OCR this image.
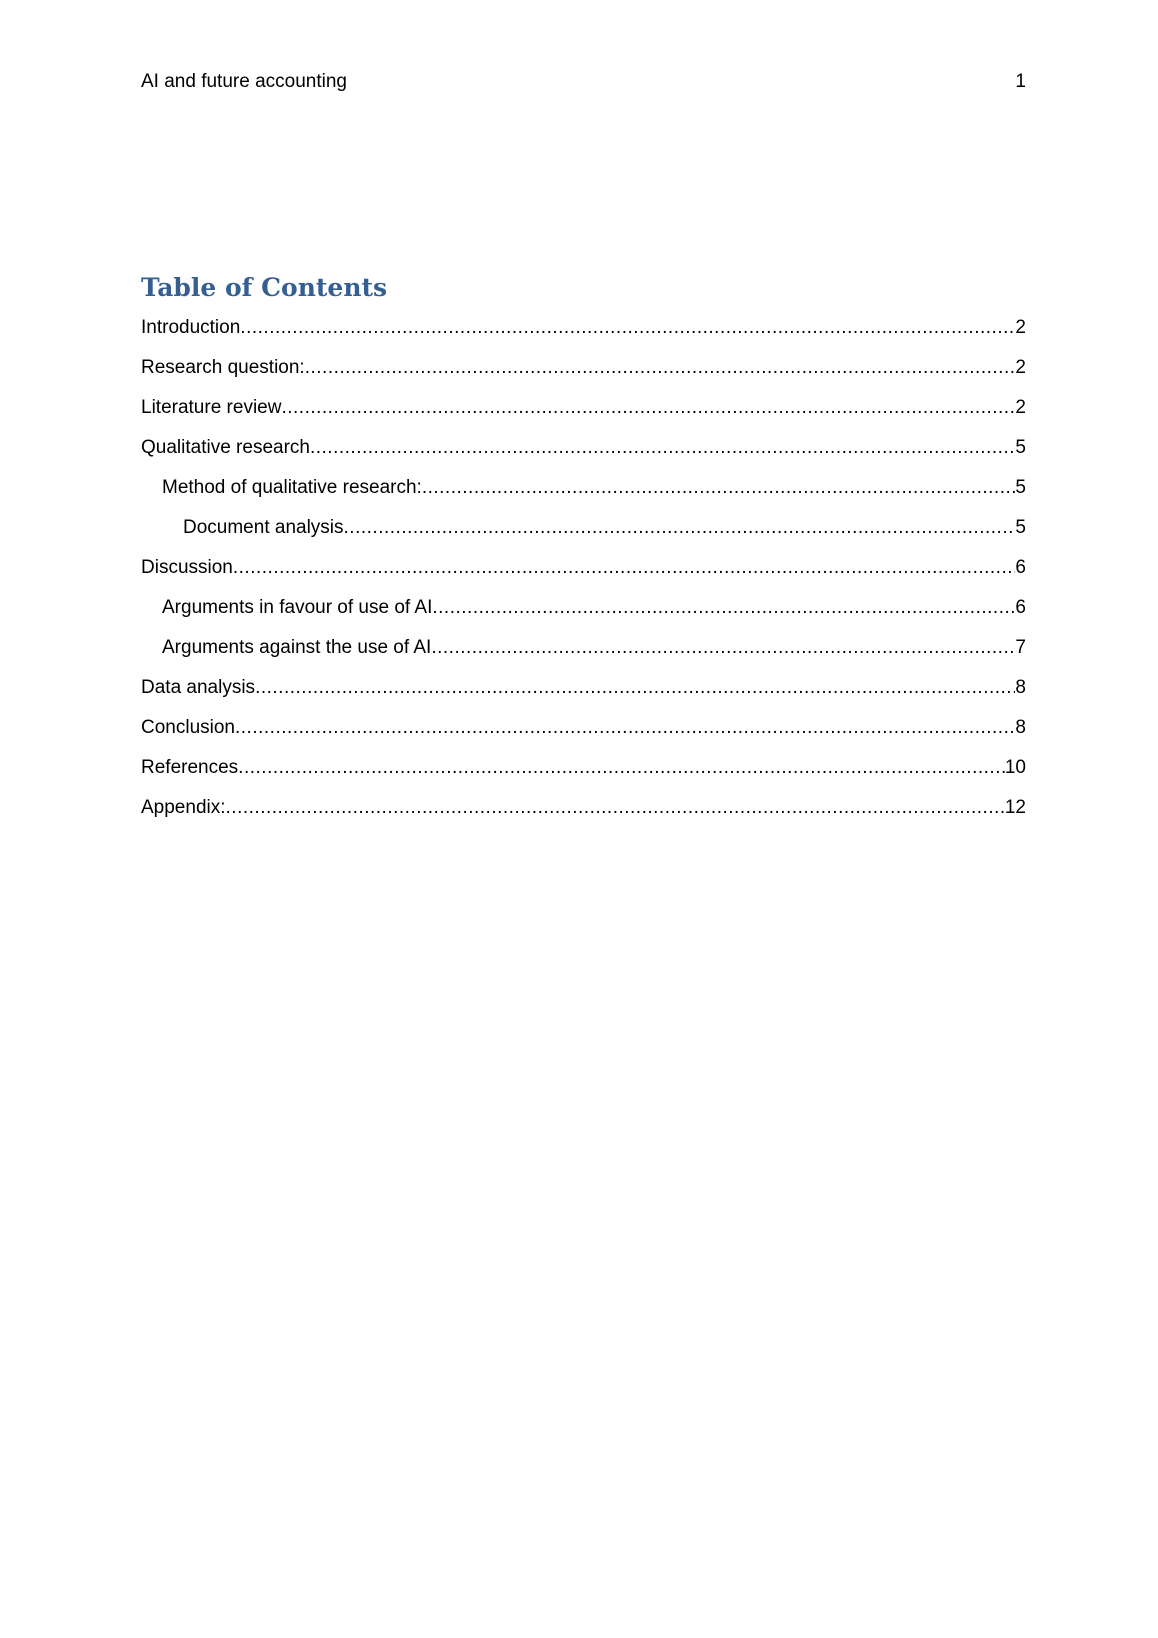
AI and future accounting	1
Table of Contents
Introduction .....	2
Research question: .....	2
Literature review .....	2
Qualitative research .....	5
Method of qualitative research: .....	5
Document analysis .....	5
Discussion .....	6
Arguments in favour of use of AI .....	6
Arguments against the use of AI .....	7
Data analysis .....	8
Conclusion .....	8
References .....	10
Appendix: .....	12
